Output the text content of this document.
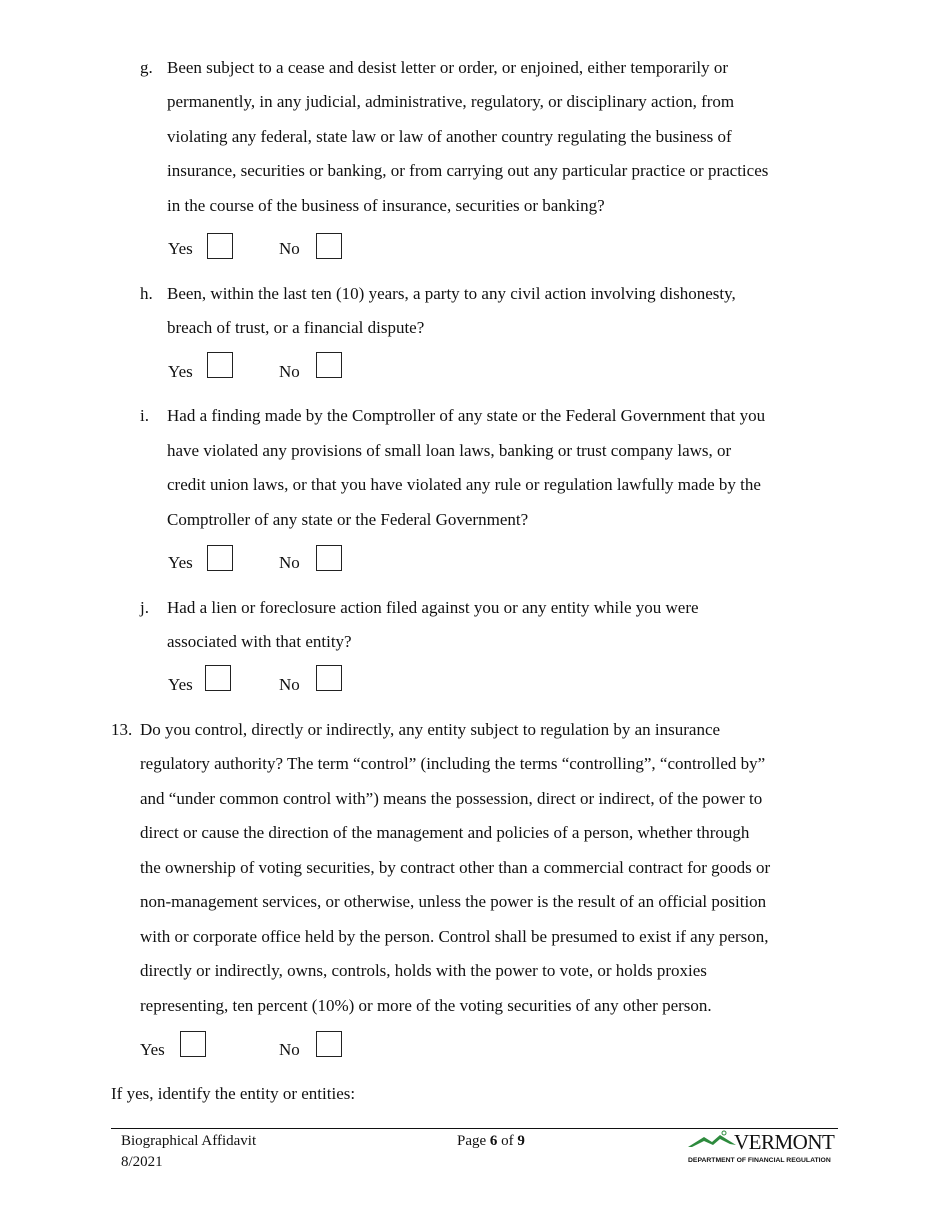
g. Been subject to a cease and desist letter or order, or enjoined, either temporarily or
permanently, in any judicial, administrative, regulatory, or disciplinary action, from
violating any federal, state law or law of another country regulating the business of
insurance, securities or banking, or from carrying out any particular practice or practices
in the course of the business of insurance, securities or banking?
Yes	No
h. Been, within the last ten (10) years, a party to any civil action involving dishonesty,
breach of trust, or a financial dispute?
Yes	No
i. Had a finding made by the Comptroller of any state or the Federal Government that you
have violated any provisions of small loan laws, banking or trust company laws, or
credit union laws, or that you have violated any rule or regulation lawfully made by the
Comptroller of any state or the Federal Government?
Yes	No
j. Had a lien or foreclosure action filed against you or any entity while you were
associated with that entity?
Yes	No
13. Do you control, directly or indirectly, any entity subject to regulation by an insurance
regulatory authority? The term “control” (including the terms “controlling”, “controlled by”
and “under common control with”) means the possession, direct or indirect, of the power to
direct or cause the direction of the management and policies of a person, whether through
the ownership of voting securities, by contract other than a commercial contract for goods or
non-management services, or otherwise, unless the power is the result of an official position
with or corporate office held by the person. Control shall be presumed to exist if any person,
directly or indirectly, owns, controls, holds with the power to vote, or holds proxies
representing, ten percent (10%) or more of the voting securities of any other person.
Yes	No
If yes, identify the entity or entities:
Biographical Affidavit
8/2021
Page 6 of 9	VERMONT
DEPARTMENT OF FINANCIAL REGULATION
